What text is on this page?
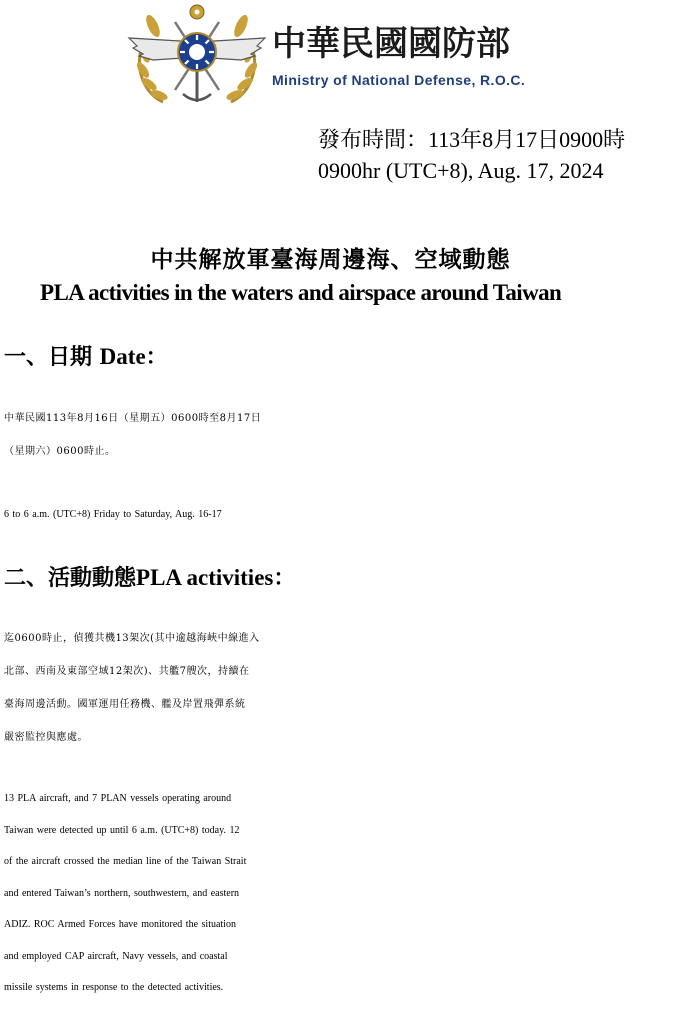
中華民國國防部
Ministry of National Defense, R.O.C.
發布時間：113年8月17日0900時
0900hr (UTC+8), Aug. 17, 2024
中共解放軍臺海周邊海、空域動態
PLA activities in the waters and airspace around Taiwan
一、日期 Date：
中華民國113年8月16日（星期五）0600時至8月17日
（星期六）0600時止。
6 to 6 a.m. (UTC+8) Friday to Saturday, Aug. 16-17
二、活動動態PLA activities：
迄0600時止，偵獲共機13架次(其中逾越海峽中線進入
北部、西南及東部空域12架次)、共艦7艘次，持續在
臺海周邊活動。國軍運用任務機、艦及岸置飛彈系統
嚴密監控與應處。
13 PLA aircraft, and 7 PLAN vessels operating around
Taiwan were detected up until 6 a.m. (UTC+8) today. 12
of the aircraft crossed the median line of the Taiwan Strait
and entered Taiwan’s northern, southwestern, and eastern
ADIZ. ROC Armed Forces have monitored the situation
and employed CAP aircraft, Navy vessels, and coastal
missile systems in response to the detected activities.
